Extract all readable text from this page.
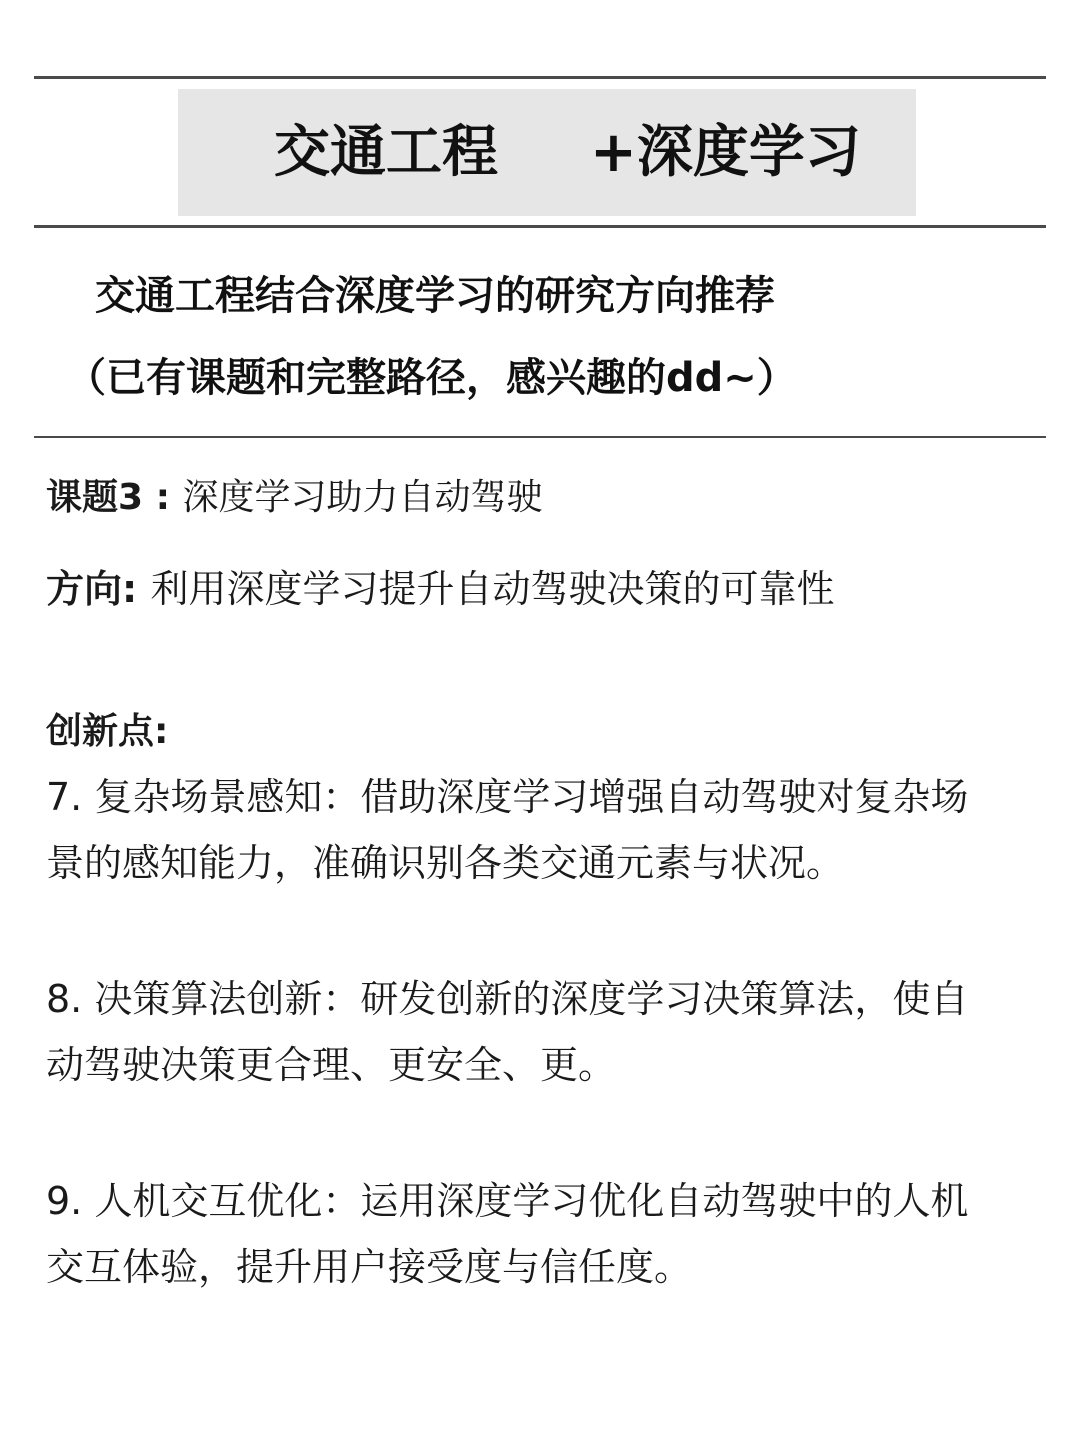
交通工程 +深度学习
交通工程结合深度学习的研究方向推荐
（已有课题和完整路径，感兴趣的dd~）
课题3 : 深度学习助力自动驾驶
方向: 利用深度学习提升自动驾驶决策的可靠性
创新点:
7. 复杂场景感知：借助深度学习增强自动驾驶对复杂场
景的感知能力，准确识别各类交通元素与状况。
8. 决策算法创新：研发创新的深度学习决策算法，使自
动驾驶决策更合理、更安全、更。
9. 人机交互优化：运用深度学习优化自动驾驶中的人机
交互体验，提升用户接受度与信任度。
